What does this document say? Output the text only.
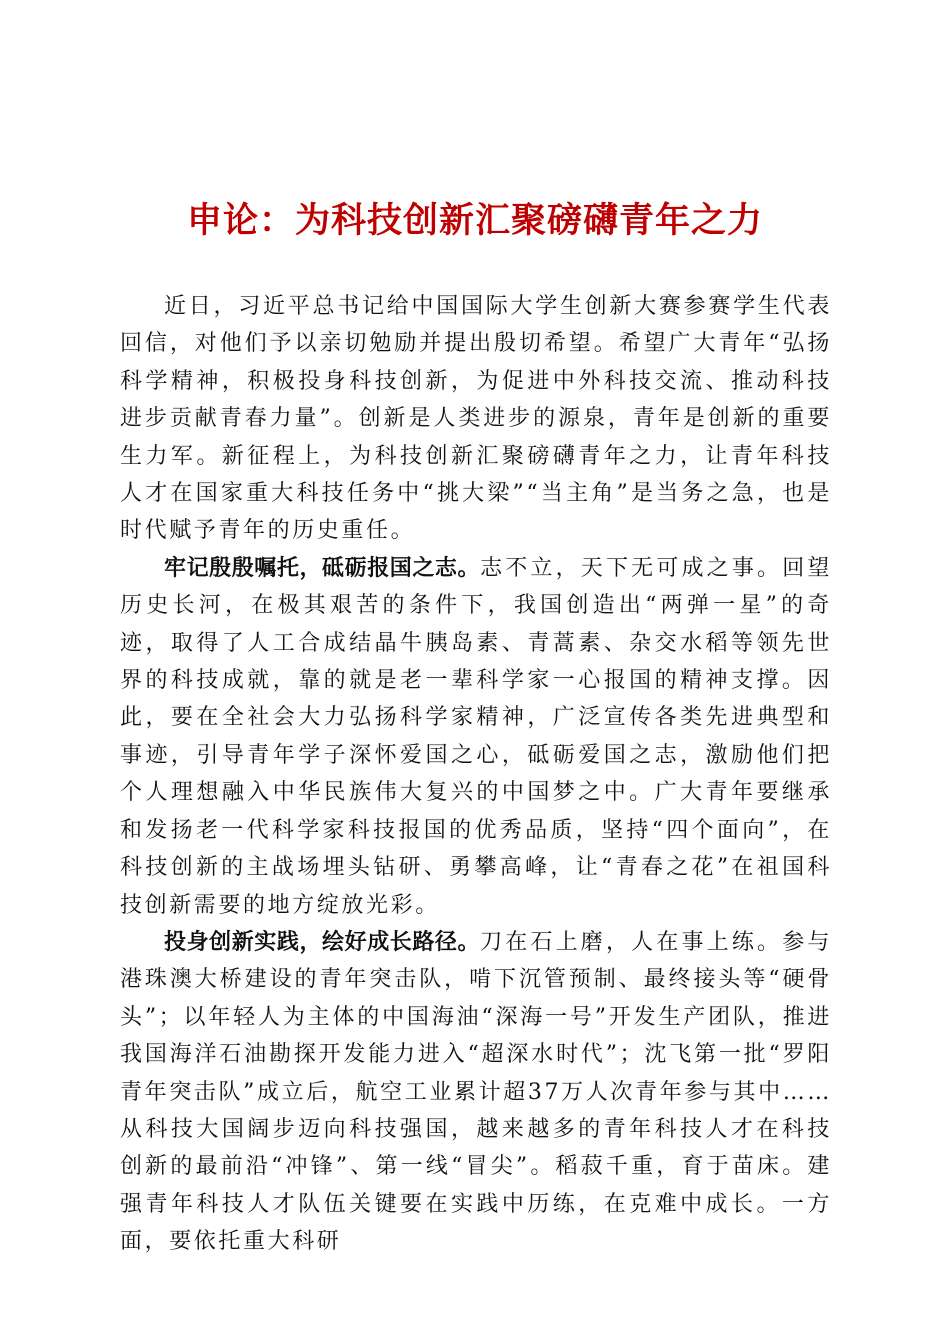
申论：为科技创新汇聚磅礴青年之力

近日，习近平总书记给中国国际大学生创新大赛参赛学生代表回信，对他们予以亲切勉励并提出殷切希望。希望广大青年“弘扬科学精神，积极投身科技创新，为促进中外科技交流、推动科技进步贡献青春力量”。创新是人类进步的源泉，青年是创新的重要生力军。新征程上，为科技创新汇聚磅礴青年之力，让青年科技人才在国家重大科技任务中“挑大梁”“当主角”是当务之急，也是时代赋予青年的历史重任。

牢记殷殷嘱托，砥砺报国之志。志不立，天下无可成之事。回望历史长河，在极其艰苦的条件下，我国创造出“两弹一星”的奇迹，取得了人工合成结晶牛胰岛素、青蒿素、杂交水稻等领先世界的科技成就，靠的就是老一辈科学家一心报国的精神支撑。因此，要在全社会大力弘扬科学家精神，广泛宣传各类先进典型和事迹，引导青年学子深怀爱国之心，砥砺爱国之志，激励他们把个人理想融入中华民族伟大复兴的中国梦之中。广大青年要继承和发扬老一代科学家科技报国的优秀品质，坚持“四个面向”，在科技创新的主战场埋头钻研、勇攀高峰，让“青春之花”在祖国科技创新需要的地方绽放光彩。

投身创新实践，绘好成长路径。刀在石上磨，人在事上练。参与港珠澳大桥建设的青年突击队，啃下沉管预制、最终接头等“硬骨头”；以年轻人为主体的中国海油“深海一号”开发生产团队，推进我国海洋石油勘探开发能力进入“超深水时代”；沈飞第一批“罗阳青年突击队”成立后，航空工业累计超37万人次青年参与其中……从科技大国阔步迈向科技强国，越来越多的青年科技人才在科技创新的最前沿“冲锋”、第一线“冒尖”。稻菽千重，育于苗床。建强青年科技人才队伍关键要在实践中历练，在克难中成长。一方面，要依托重大科研
